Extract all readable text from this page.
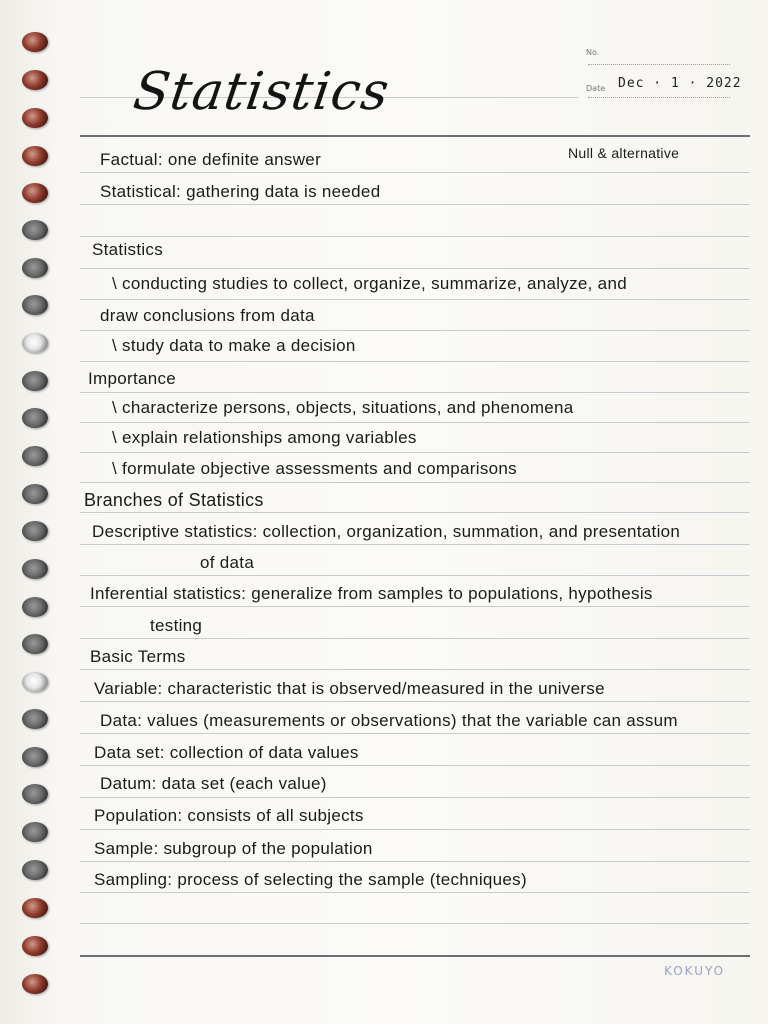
No.
Date Dec · 1 · 2022
Statistics
Null & alternative
Factual: one definite answer
Statistical: gathering data is needed
Statistics
\ conducting studies to collect, organize, summarize, analyze, and
draw conclusions from data
\ study data to make a decision
Importance
\ characterize persons, objects, situations, and phenomena
\ explain relationships among variables
\ formulate objective assessments and comparisons
Branches of Statistics
Descriptive statistics: collection, organization, summation, and presentation
of data
Inferential statistics: generalize from samples to populations, hypothesis
testing
Basic Terms
Variable: characteristic that is observed/measured in the universe
Data: values (measurements or observations) that the variable can assum
Data set: collection of data values
Datum: data set (each value)
Population: consists of all subjects
Sample: subgroup of the population
Sampling: process of selecting the sample (techniques)
KOKUYO
